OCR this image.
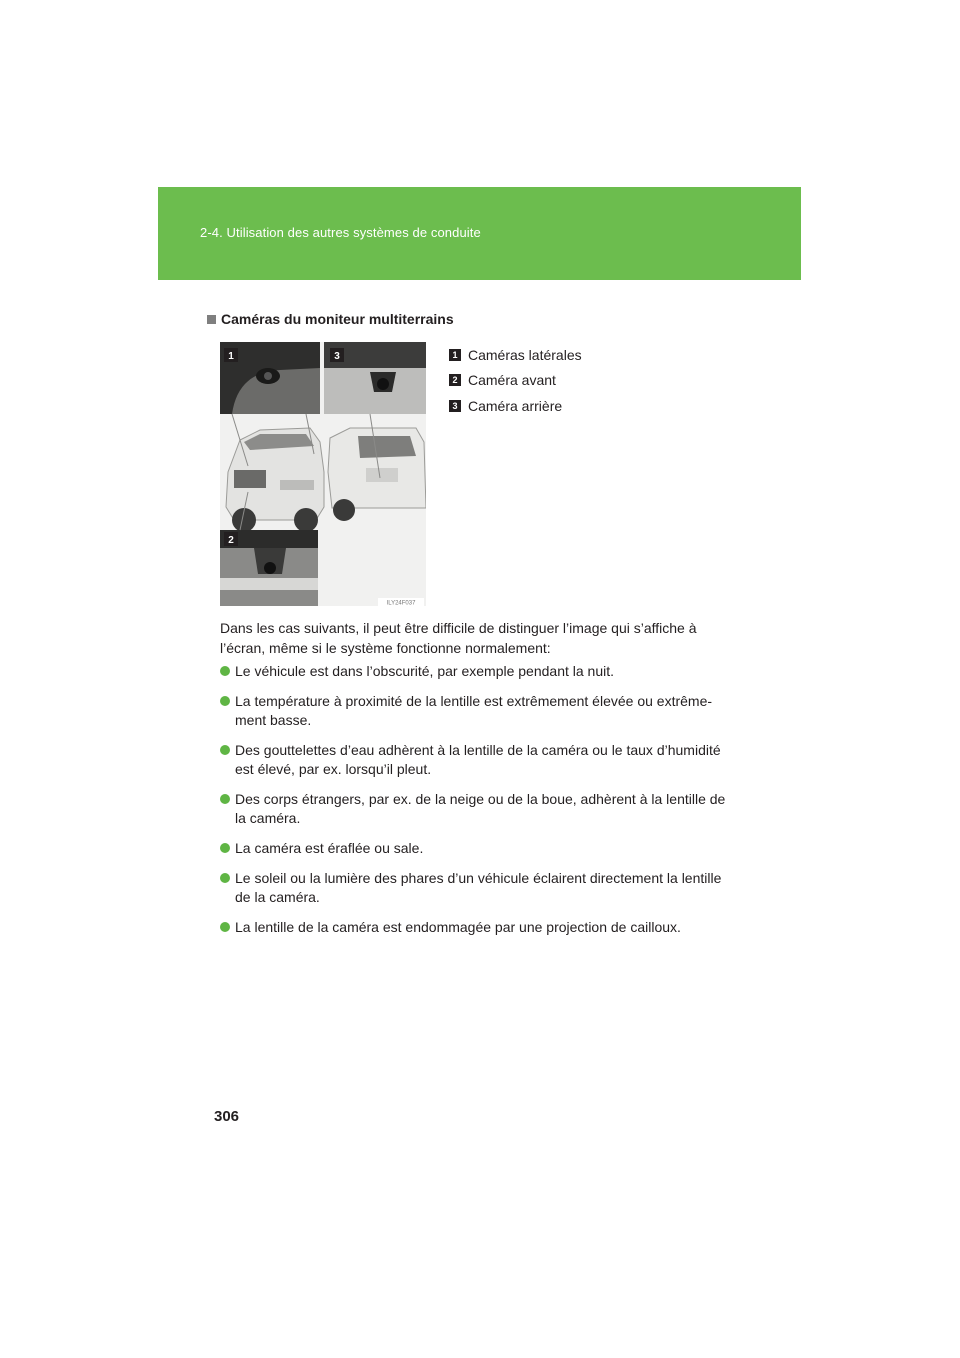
2-4. Utilisation des autres systèmes de conduite
Caméras du moniteur multiterrains
1	3
2
ILY24F037
1 Caméras latérales
2 Caméra avant
3 Caméra arrière

Dans les cas suivants, il peut être difficile de distinguer l’image qui s’affiche à l’écran, même si le système fonctionne normalement:

Le véhicule est dans l’obscurité, par exemple pendant la nuit.
La température à proximité de la lentille est extrêmement élevée ou extrême-ment basse.
Des gouttelettes d’eau adhèrent à la lentille de la caméra ou le taux d’humidité est élevé, par ex. lorsqu’il pleut.
Des corps étrangers, par ex. de la neige ou de la boue, adhèrent à la lentille de la caméra.
La caméra est éraflée ou sale.
Le soleil ou la lumière des phares d’un véhicule éclairent directement la lentille de la caméra.
La lentille de la caméra est endommagée par une projection de cailloux.
306
